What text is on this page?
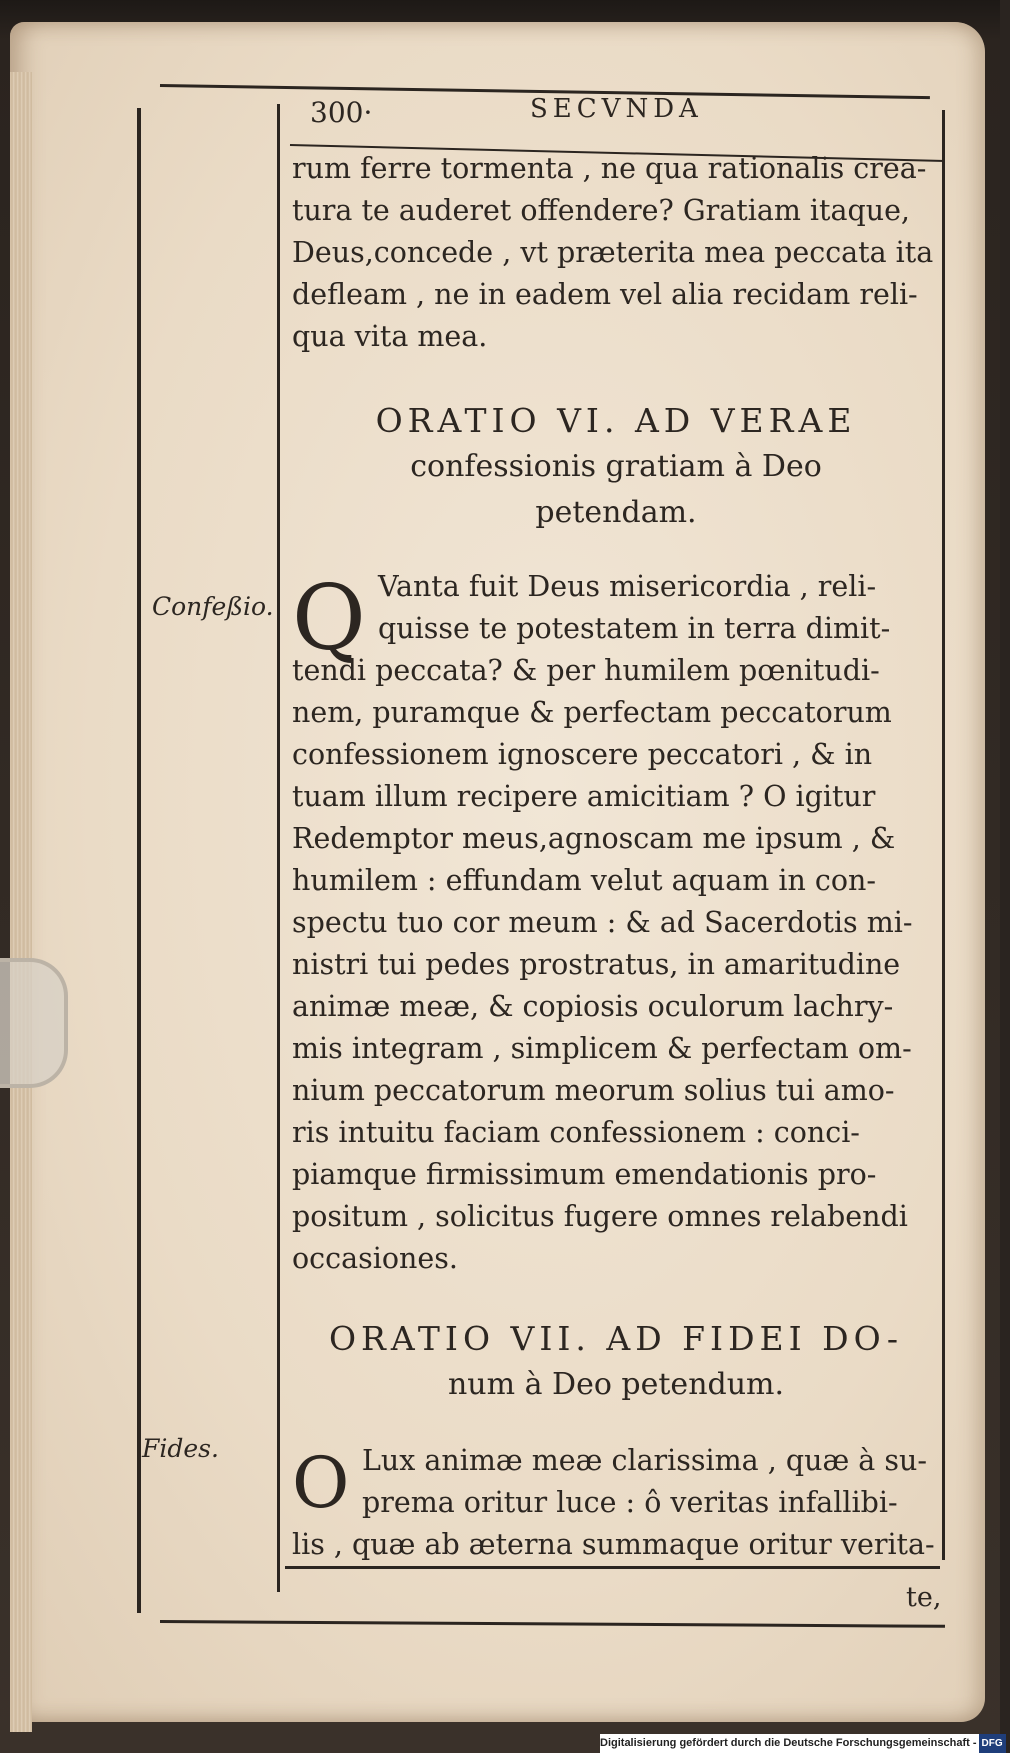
300·	SECVNDA
rum ferre tormenta , ne qua rationalis crea-
tura te auderet offendere? Gratiam itaque,
Deus,concede , vt præterita mea peccata ita
defleam , ne in eadem vel alia recidam reli-
qua vita mea.
ORATIO VI. AD VERAE
confessionis gratiam à Deo
petendam.
Confeßio. Q Vanta fuit Deus misericordia , reli-
quisse te potestatem in terra dimit-
tendi peccata? & per humilem pœnitudi-
nem, puramque & perfectam peccatorum
confessionem ignoscere peccatori , & in
tuam illum recipere amicitiam ? O igitur
Redemptor meus,agnoscam me ipsum , &
humilem : effundam velut aquam in con-
spectu tuo cor meum : & ad Sacerdotis mi-
nistri tui pedes prostratus, in amaritudine
animæ meæ, & copiosis oculorum lachry-
mis integram , simplicem & perfectam om-
nium peccatorum meorum solius tui amo-
ris intuitu faciam confessionem : conci-
piamque firmissimum emendationis pro-
positum , solicitus fugere omnes relabendi
occasiones.
ORATIO VII. AD FIDEI DO-
num à Deo petendum.
Fides. O Lux animæ meæ clarissima , quæ à su-
prema oritur luce : ô veritas infallibi-
lis , quæ ab æterna summaque oritur verita-
te,
Digitalisierung gefördert durch die Deutsche Forschungsgemeinschaft - DFG
